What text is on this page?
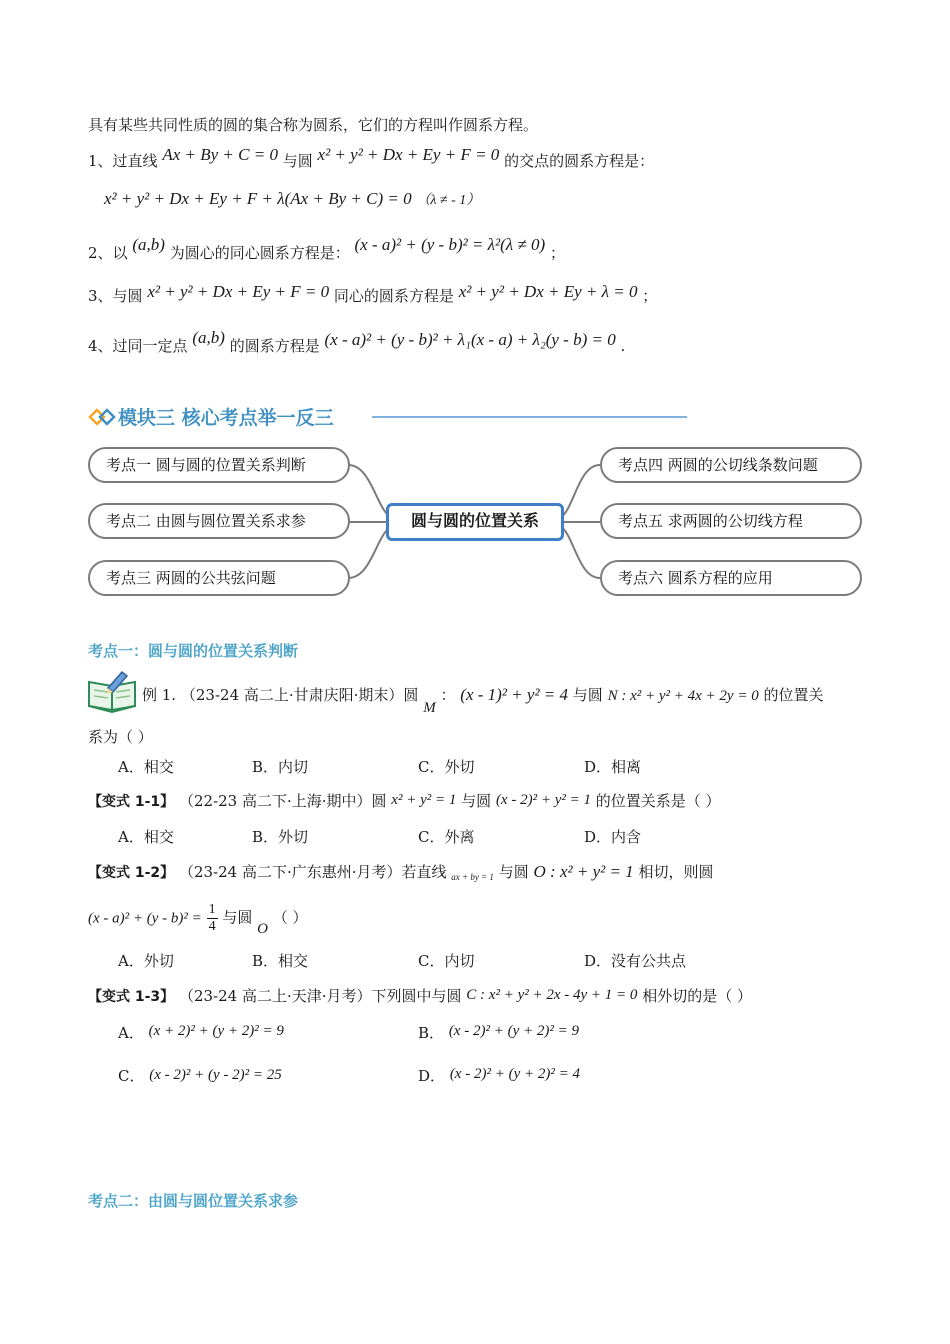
具有某些共同性质的圆的集合称为圆系，它们的方程叫作圆系方程。
1、过直线 Ax + By + C = 0 与圆 x² + y² + Dx + Ey + F = 0 的交点的圆系方程是：
x² + y² + Dx + Ey + F + λ(Ax + By + C) = 0 （λ ≠ - 1）
2、以 (a,b) 为圆心的同心圆系方程是： (x - a)² + (y - b)² = λ²(λ ≠ 0) ；
3、与圆 x² + y² + Dx + Ey + F = 0 同心的圆系方程是 x² + y² + Dx + Ey + λ = 0 ；
4、过同一定点 (a,b) 的圆系方程是 (x - a)² + (y - b)² + λ₁(x - a) + λ₂(y - b) = 0 .
模块三 核心考点举一反三
考点一 圆与圆的位置关系判断
考点二 由圆与圆位置关系求参
考点三 两圆的公共弦问题
圆与圆的位置关系
考点四 两圆的公切线条数问题
考点五 求两圆的公切线方程
考点六 圆系方程的应用
考点一：圆与圆的位置关系判断
例 1. （23-24 高二上·甘肃庆阳·期末）圆 M ： (x - 1)² + y² = 4 与圆 N : x² + y² + 4x + 2y = 0 的位置关
系为（ ）
A．相交	B．内切	C．外切	D．相离
【变式 1-1】 （22-23 高二下·上海·期中）圆 x² + y² = 1 与圆 (x - 2)² + y² = 1 的位置关系是（ ）
A．相交	B．外切	C．外离	D．内含
【变式 1-2】 （23-24 高二下·广东惠州·月考）若直线 $_{ax + by = 1}$ 与圆 O : x² + y² = 1 相切，则圆
$(x - a)^2 + (y - b)^2 = \frac{1}{4}$ 与圆 O （ ）
A．外切	B．相交	C．内切	D．没有公共点
【变式 1-3】 （23-24 高二上·天津·月考）下列圆中与圆 C : x² + y² + 2x - 4y + 1 = 0 相外切的是（ ）
A． (x + 2)² + (y + 2)² = 9	B． (x - 2)² + (y + 2)² = 9
C． (x - 2)² + (y - 2)² = 25	D． (x - 2)² + (y + 2)² = 4
考点二：由圆与圆位置关系求参
